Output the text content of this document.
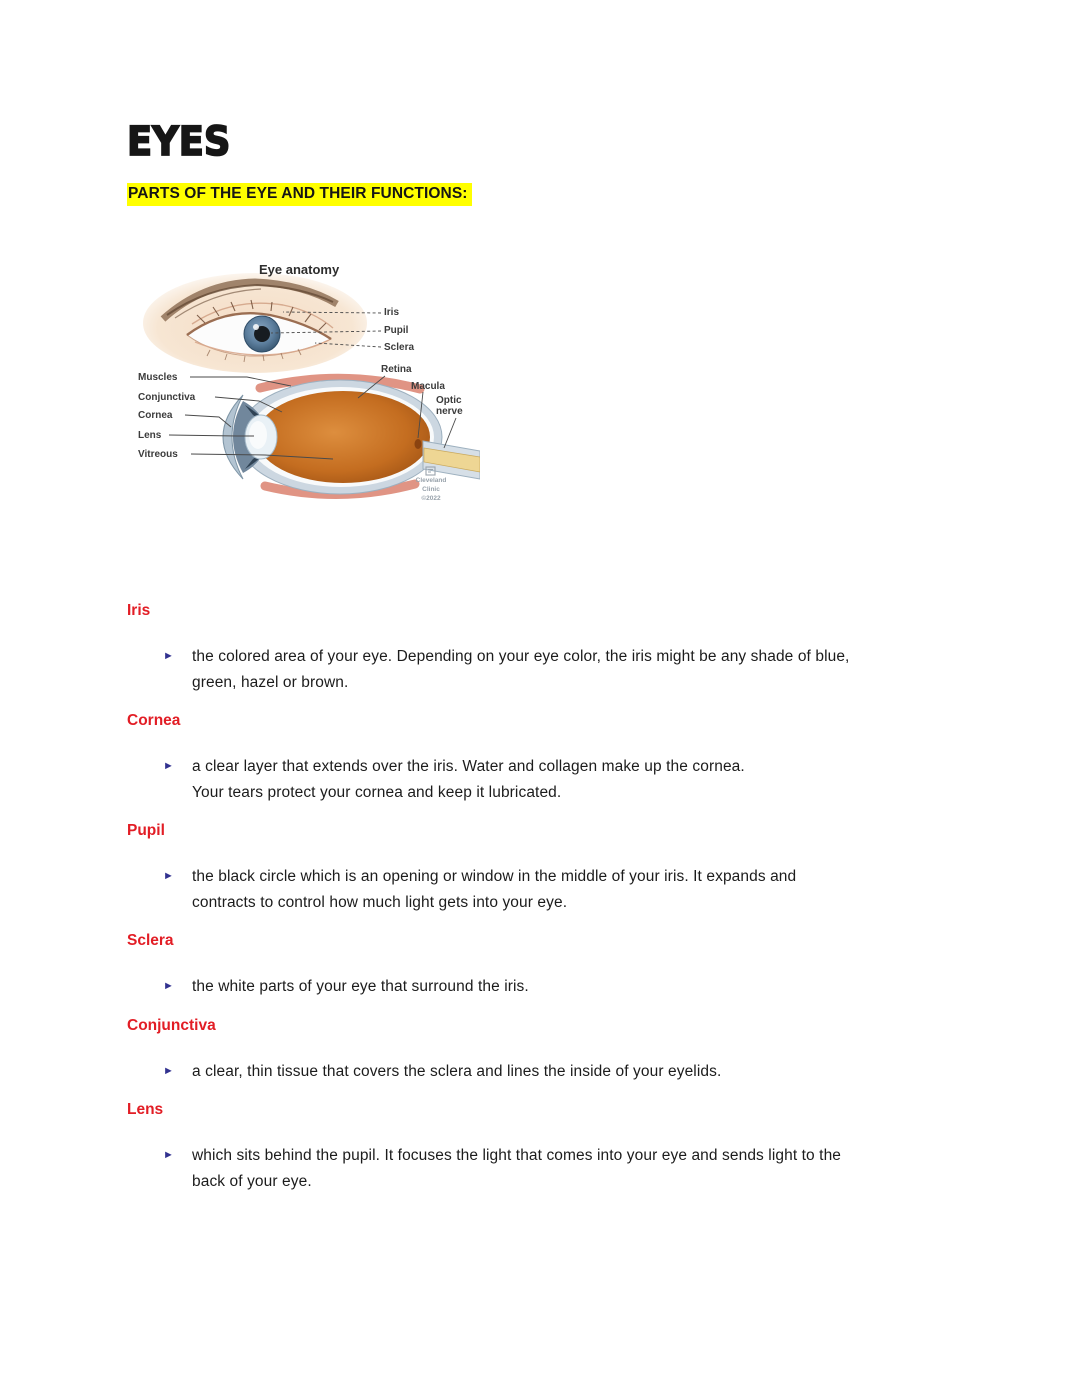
EYES
PARTS OF THE EYE AND THEIR FUNCTIONS:
Eye anatomy
Iris
Pupil
Sclera
Retina
Macula
Optic nerve
Muscles
Conjunctiva
Cornea
Lens
Vitreous
Cleveland
Clinic
©2022
Iris
►	the colored area of your eye. Depending on your eye color, the iris might be any shade of blue,
green, hazel or brown.
Cornea
►	a clear layer that extends over the iris. Water and collagen make up the cornea.
Your tears protect your cornea and keep it lubricated.
Pupil
►	the black circle which is an opening or window in the middle of your iris. It expands and
contracts to control how much light gets into your eye.
Sclera
►	the white parts of your eye that surround the iris.
Conjunctiva
►	a clear, thin tissue that covers the sclera and lines the inside of your eyelids.
Lens
►	which sits behind the pupil. It focuses the light that comes into your eye and sends light to the
back of your eye.
